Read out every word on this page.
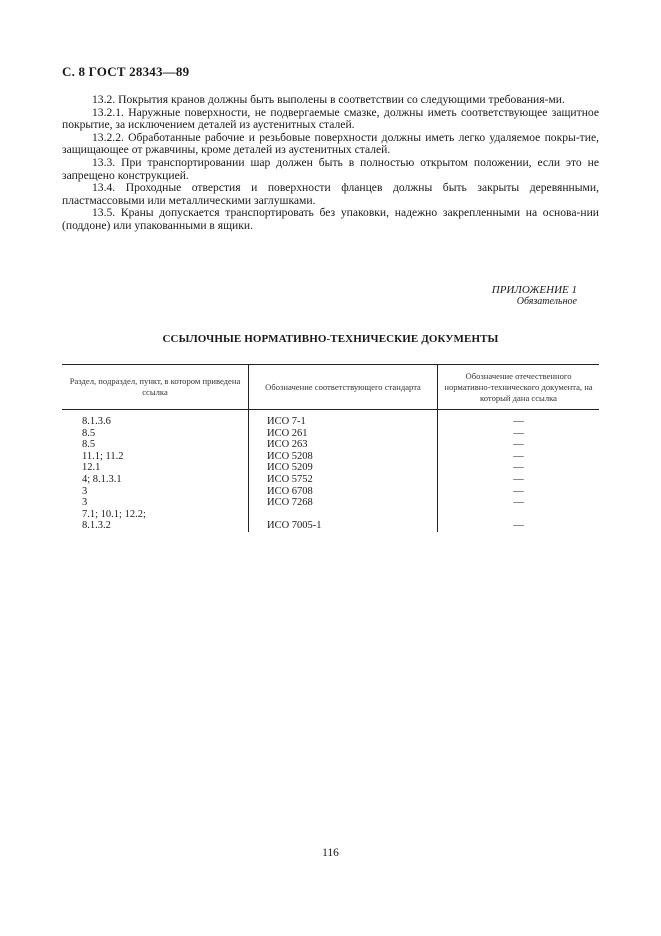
С. 8 ГОСТ 28343—89

13.2. Покрытия кранов должны быть выполены в соответствии со следующими требования-ми.

13.2.1. Наружные поверхности, не подвергаемые смазке, должны иметь соответствующее защитное покрытие, за исключением деталей из аустенитных сталей.

13.2.2. Обработанные рабочие и резьбовые поверхности должны иметь легко удаляемое покры-тие, защищающее от ржавчины, кроме деталей из аустенитных сталей.

13.3. При транспортировании шар должен быть в полностью открытом положении, если это не запрещено конструкцией.

13.4. Проходные отверстия и поверхности фланцев должны быть закрыты деревянными, пластмассовыми или металлическими заглушками.

13.5. Краны допускается транспортировать без упаковки, надежно закрепленными на основа-нии (поддоне) или упакованными в ящики.

ПРИЛОЖЕНИЕ 1
Обязательное
ССЫЛОЧНЫЕ НОРМАТИВНО-ТЕХНИЧЕСКИЕ ДОКУМЕНТЫ
Раздел, подраздел, пункт, в котором приведена ссылка	Обозначение соответствующего стандарта	Обозначение отечественного нормативно-технического документа, на который дана ссылка
8.1.3.6	ИСО 7-1	—
8.5	ИСО 261	—
8.5	ИСО 263	—
11.1; 11.2	ИСО 5208	—
12.1	ИСО 5209	—
4; 8.1.3.1	ИСО 5752	—
3	ИСО 6708	—
3	ИСО 7268	—
7.1; 10.1; 12.2;		
8.1.3.2	ИСО 7005-1	—
116
